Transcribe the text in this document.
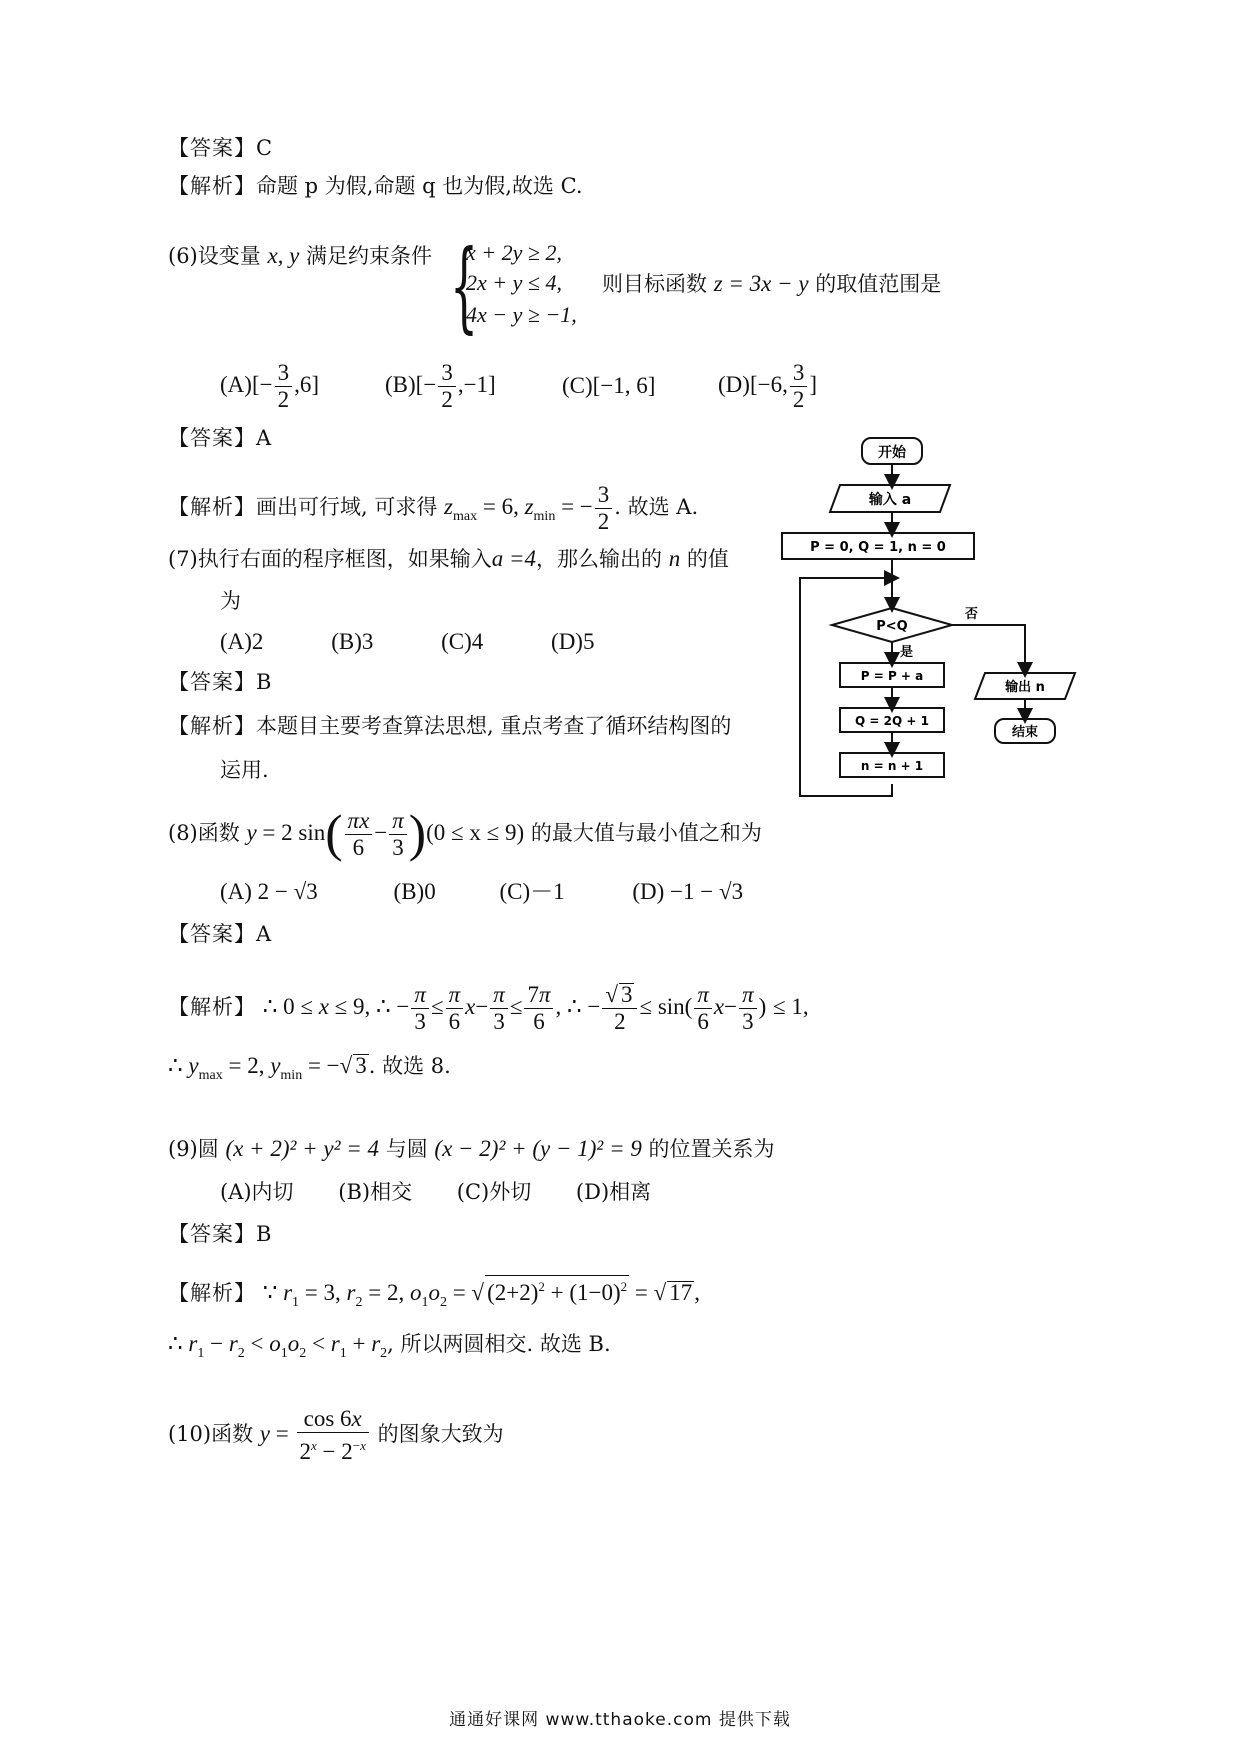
【答案】C
【解析】命题 p 为假,命题 q 也为假,故选 C.
(6)设变量 x, y 满足约束条件 {
x + 2y ≥ 2,
2x + y ≤ 4,
4x − y ≥ −1,
则目标函数 z = 3x − y 的取值范围是
$(A)[- \frac{3}{2} ,6]$	$(B)[- \frac{3}{2} ,-1]$	(C)[−1, 6]	(D)[−6, $\frac{3}{2}$ ]
【答案】A
【解析】画出可行域, 可求得 $z_{max} = 6$, $z_{min}$ = − $\frac{3}{2}$ . 故选 A.
(7)执行右面的程序框图，如果输入a =4，那么输出的 n 的值
为
(A)2	(B)3	(C)4	(D)5
【答案】B
【解析】本题目主要考查算法思想, 重点考查了循环结构图的
运用.
开始
输入 a
P = 0, Q = 1, n = 0
P<Q
否
是
P = P + a
Q = 2Q + 1
n = n + 1
输出 n
结束
(8)函数 y = 2 $\sin( \frac{\pi x}{6} - \frac{\pi}{3} )(0 \le x \le 9)$ 的最大值与最小值之和为
(A) 2 − √3	(B)0	(C)－1	(D) −1 − √3
【答案】A
【解析】 ∴ 0 ≤ x ≤ 9, ∴ − $\frac{\pi}{3} \le \frac{\pi}{6} x- \frac{\pi}{3} \le \frac{7\pi}{6}$ , ∴ − $\frac{√ 3}{2} \le \sin( \frac{\pi}{6} x- \frac{\pi}{3}$ ) ≤ 1,
∴ $y_{max} = 2$, $y_{min}$ = −√ 3. 故选 8.
(9)圆 (x + 2)² + y² = 4 与圆 (x − 2)² + (y − 1)² = 9 的位置关系为
(A)内切 (B)相交 (C)外切 (D)相离
【答案】B
【解析】 ∵ $r_1 = 3$, $r_2 = 2$, $o_1o_2$ = √ $(2+2)^2 + (1-0)^2$ = √ 17,
∴ $r_1 - r_2 < o_1o_2 < r_1 + r_2$, 所以两圆相交. 故选 B.
(10)函数 $y = \frac{\cos 6x}{2^x - 2^{-x}}$ 的图象大致为
通通好课网 www.tthaoke.com 提供下载
